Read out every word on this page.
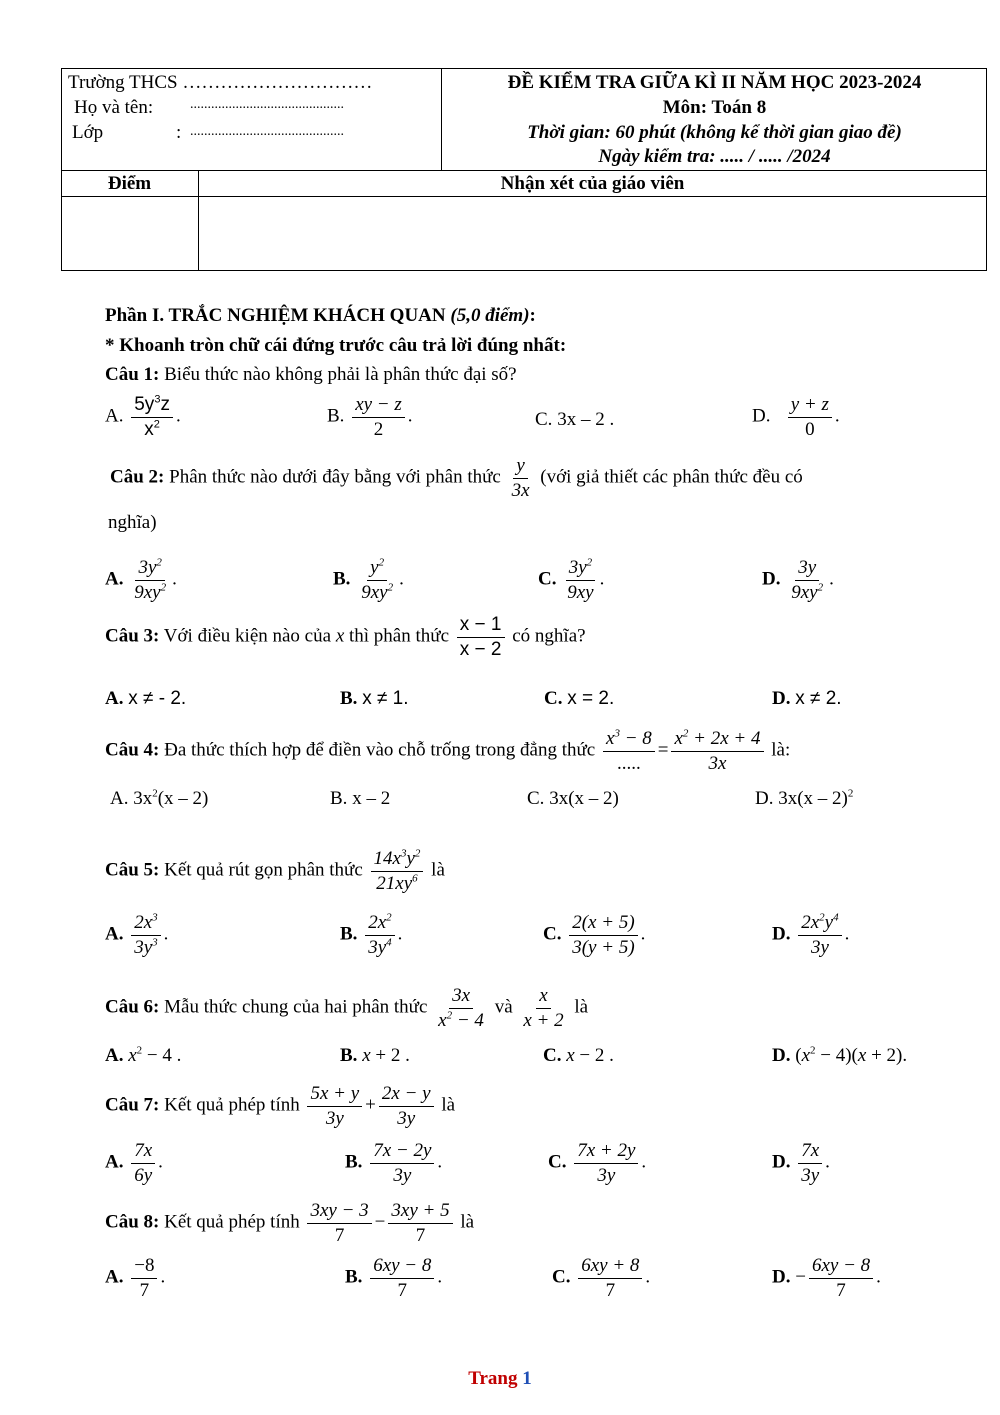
Trường THCS …………………………
Họ và tên:	............................................
Lớp	: ............................................
ĐỀ KIỂM TRA GIỮA KÌ II NĂM HỌC 2023-2024
Môn: Toán 8
Thời gian: 60 phút (không kể thời gian giao đề)
Ngày kiểm tra: ..... / ..... /2024
Điểm	Nhận xét của giáo viên
Phần I. TRẮC NGHIỆM KHÁCH QUAN (5,0 điểm):
* Khoanh tròn chữ cái đứng trước câu trả lời đúng nhất:
Câu 1: Biểu thức nào không phải là phân thức đại số?
A. $\frac{5y^3z}{x^2}$ .	B. $\frac{xy - z}{2}$ .	C. 3x – 2 .	D. $\frac{y + z}{0}$ .
Câu 2: Phân thức nào dưới đây bằng với phân thức $\frac{y}{3x}$ (với giả thiết các phân thức đều có
nghĩa)
A. $\frac{3y^2}{9xy^2}$ .	B. $\frac{y^2}{9xy^2}$ .	C. $\frac{3y^2}{9xy}$ .	D. $\frac{3y}{9xy^2}$ .
Câu 3: Với điều kiện nào của x thì phân thức $\frac{x - 1}{x - 2}$ có nghĩa?
A. x ≠ - 2.	B. x ≠ 1.	C. x = 2.	D. x ≠ 2.
Câu 4: Đa thức thích hợp để điền vào chỗ trống trong đẳng thức
$x^3 - 8$
.....
= $\frac{x^2 + 2x + 4}{3x}$ là:
A. $3x^2(x - 2)$	B. x – 2	C. 3x(x – 2)	D. 3x(x – 2)$^2$
Câu 5: Kết quả rút gọn phân thức $\frac{14x^3y^2}{21xy^6}$ là
A. $\frac{2x^3}{3y^3}$ .	B. $\frac{2x^2}{3y^4}$ .	C. $\frac{2(x + 5)}{3(y + 5)}$ .	D. $\frac{2x^2y^4}{3y}$ .
Câu 6: Mẫu thức chung của hai phân thức $\frac{3x}{x^2 - 4}$ và $\frac{x}{x + 2}$ là
A. $x^2 - 4$ .	B. x + 2 .	C. x − 2 .	D. $(x^2 - 4)(x + 2)$.
Câu 7: Kết quả phép tính $\frac{5x + y}{3y} + \frac{2x - y}{3y}$ là
A. $\frac{7x}{6y}$ .	B. $\frac{7x - 2y}{3y}$ .	C. $\frac{7x + 2y}{3y}$ .	D. $\frac{7x}{3y}$ .
Câu 8: Kết quả phép tính $\frac{3xy - 3}{7} - \frac{3xy + 5}{7}$ là
A. $\frac{-8}{7}$ .	B. $\frac{6xy - 8}{7}$ .	C. $\frac{6xy + 8}{7}$ .	D. − $\frac{6xy - 8}{7}$ .
Trang 1
